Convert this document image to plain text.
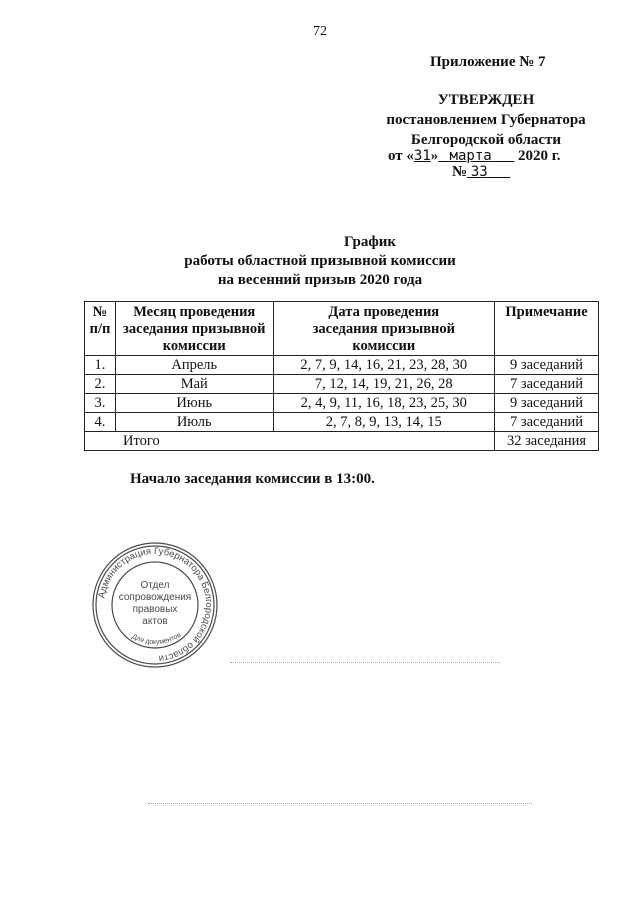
72
Приложение № 7
УТВЕРЖДЕН
постановлением Губернатора
Белгородской области
от «31» марта 2020 г.
№ 33
График
работы областной призывной комиссии
на весенний призыв 2020 года
№
п/п	Месяц проведения заседания призывной комиссии	Дата проведения заседания призывной комиссии	Примечание
1.	Апрель	2, 7, 9, 14, 16, 21, 23, 28, 30	9 заседаний
2.	Май	7, 12, 14, 19, 21, 26, 28	7 заседаний
3.	Июнь	2, 4, 9, 11, 16, 18, 23, 25, 30	9 заседаний
4.	Июль	2, 7, 8, 9, 13, 14, 15	7 заседаний
Итого			32 заседания
Начало заседания комиссии в 13:00.
Администрация Губернатора Белгородской области
Отдел
сопровождения
правовых
актов
Для документов
